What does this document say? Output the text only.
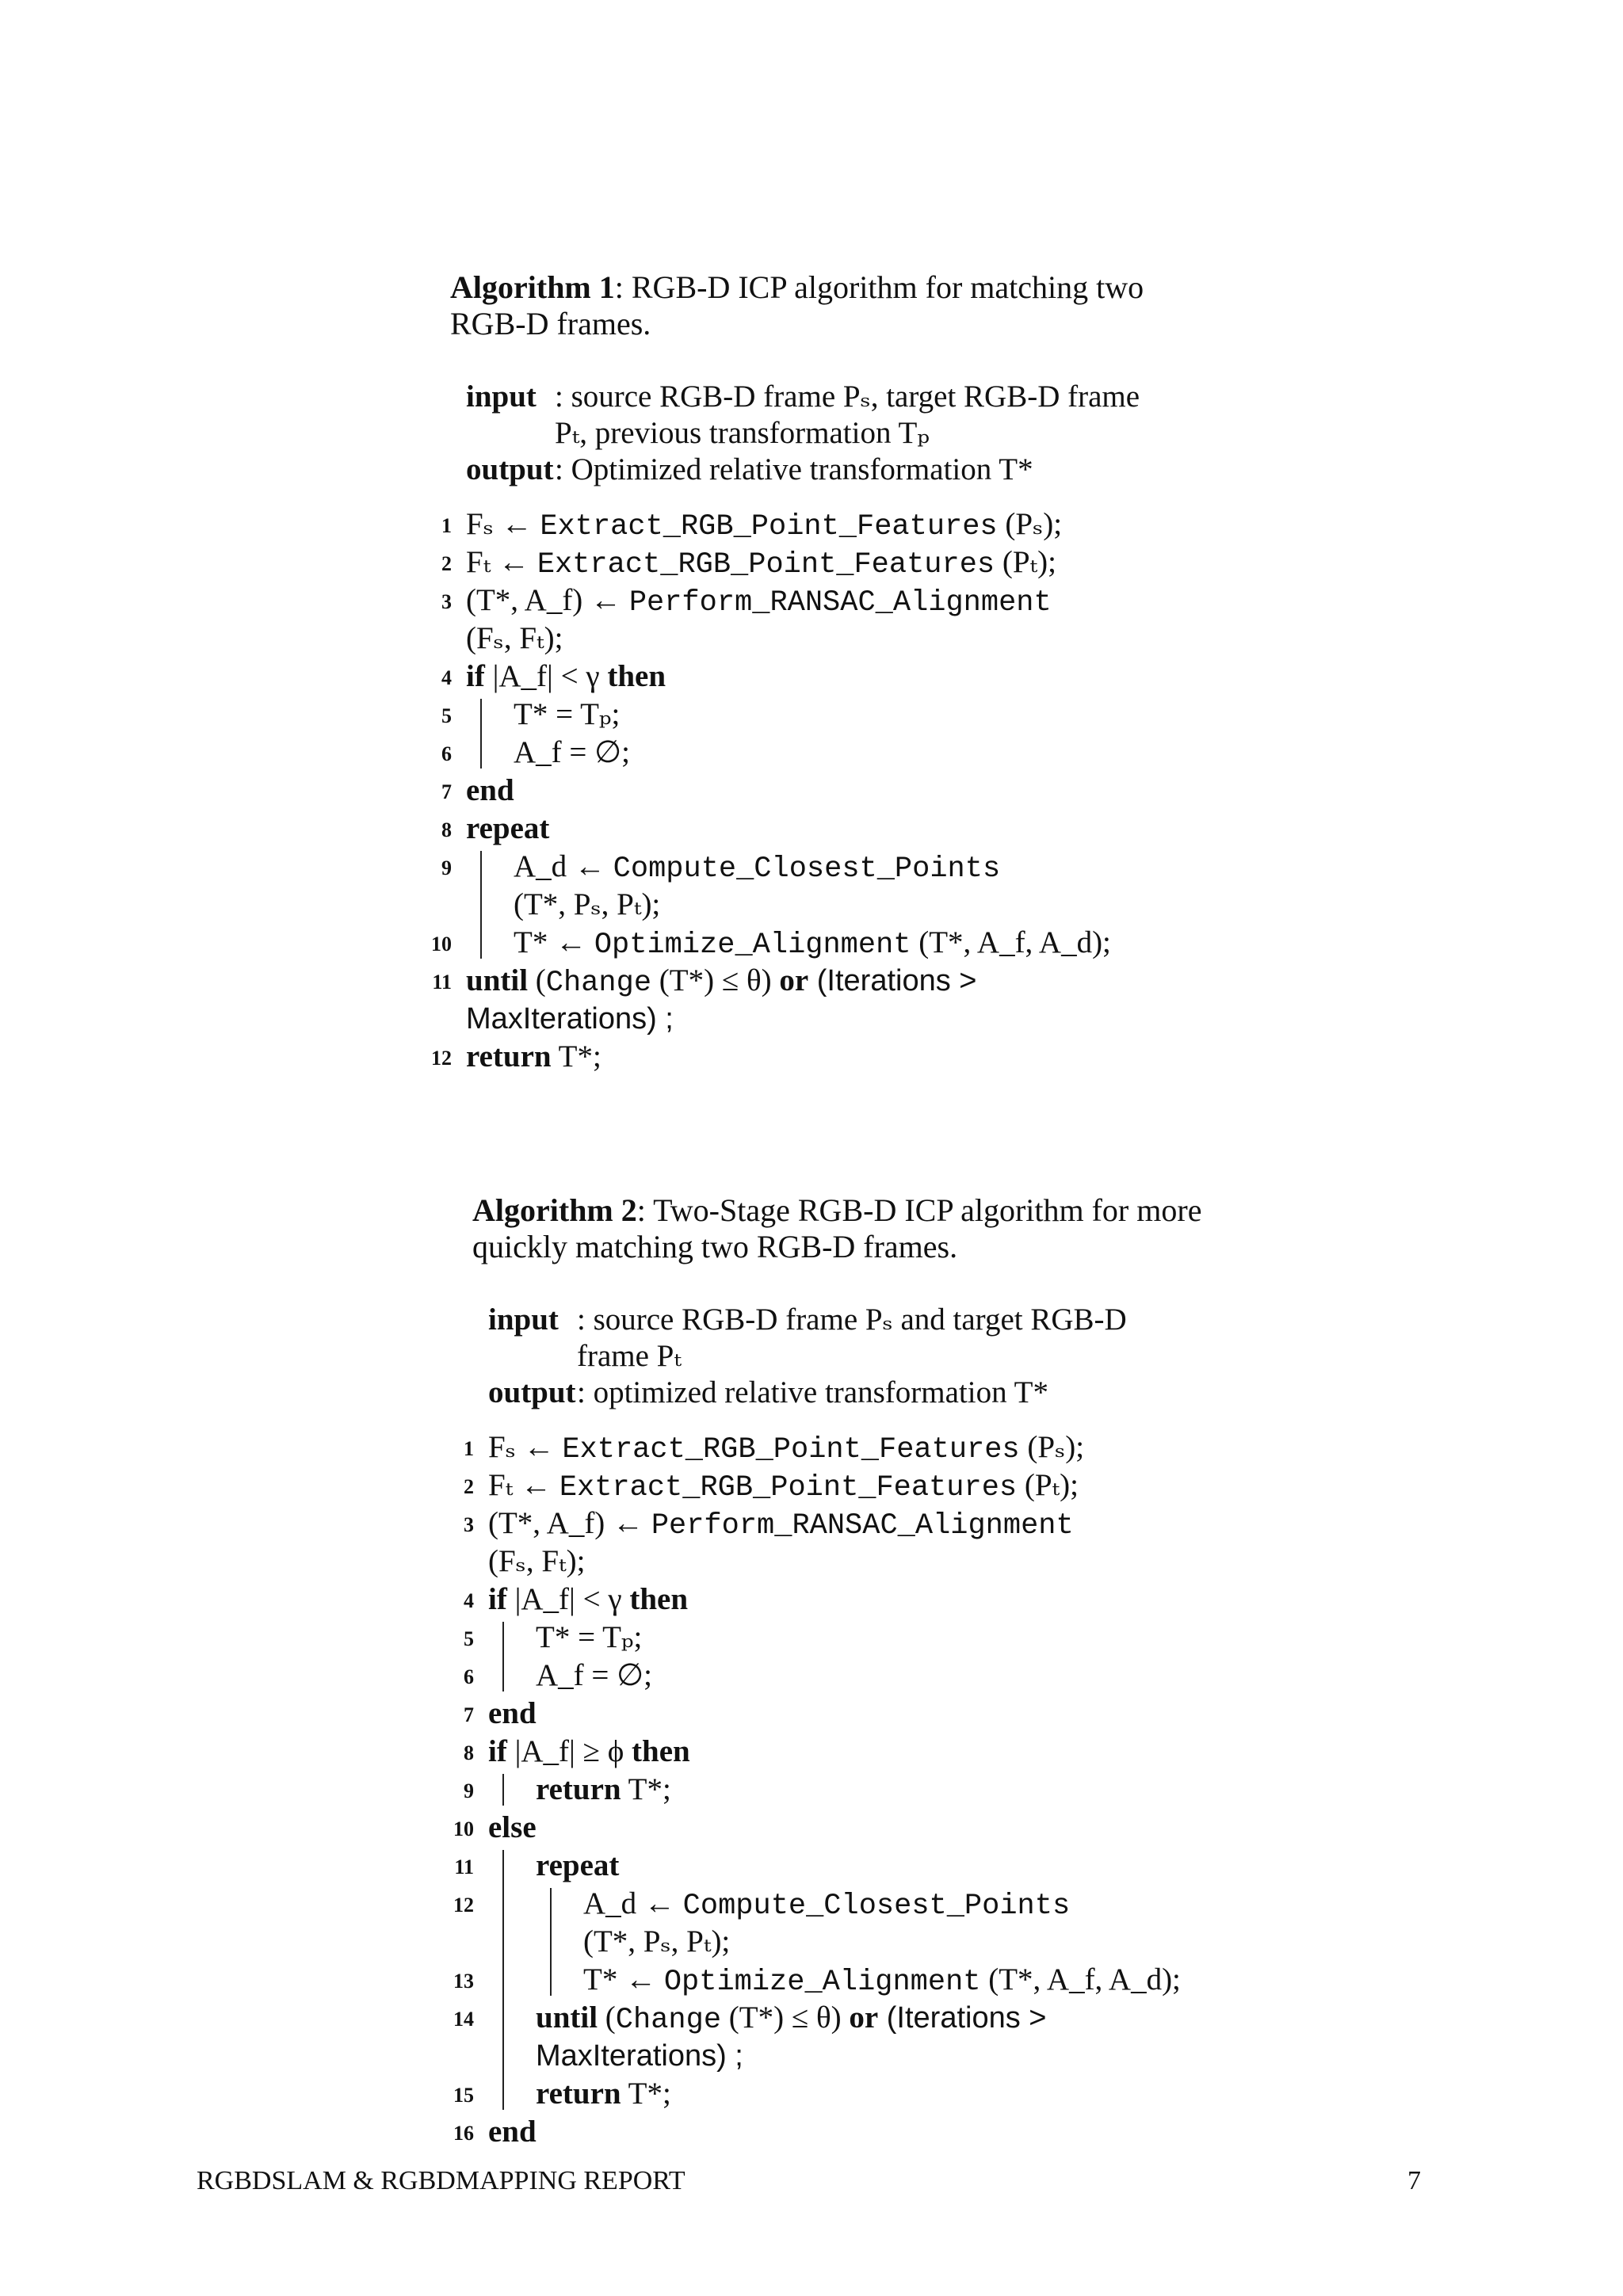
Algorithm 1: RGB-D ICP algorithm for matching two RGB-D frames.
input : source RGB-D frame Pₛ, target RGB-D frame
Pₜ, previous transformation Tₚ
output : Optimized relative transformation T*
1 Fₛ ← Extract_RGB_Point_Features (Pₛ);
2 Fₜ ← Extract_RGB_Point_Features (Pₜ);
3 (T*, A_f) ← Perform_RANSAC_Alignment
(Fₛ, Fₜ);
4 if |A_f| < γ then
5 T* = Tₚ;
6 A_f = ∅;
7 end
8 repeat
9 A_d ← Compute_Closest_Points
(T*, Pₛ, Pₜ);
10 T* ← Optimize_Alignment (T*, A_f, A_d);
11 until (Change (T*) ≤ θ) or (Iterations >
MaxIterations) ;
12 return T*;
Algorithm 2: Two-Stage RGB-D ICP algorithm for more quickly matching two RGB-D frames.
input : source RGB-D frame Pₛ and target RGB-D
frame Pₜ
output : optimized relative transformation T*
1 Fₛ ← Extract_RGB_Point_Features (Pₛ);
2 Fₜ ← Extract_RGB_Point_Features (Pₜ);
3 (T*, A_f) ← Perform_RANSAC_Alignment
(Fₛ, Fₜ);
4 if |A_f| < γ then
5 T* = Tₚ;
6 A_f = ∅;
7 end
8 if |A_f| ≥ ϕ then
9 return T*;
10 else
11 repeat
12	A_d ← Compute_Closest_Points
(T*, Pₛ, Pₜ);
13	T* ← Optimize_Alignment (T*, A_f, A_d);
14 until (Change (T*) ≤ θ) or (Iterations >
MaxIterations) ;
15 return T*;
16 end
RGBDSLAM & RGBDMAPPING REPORT	7
